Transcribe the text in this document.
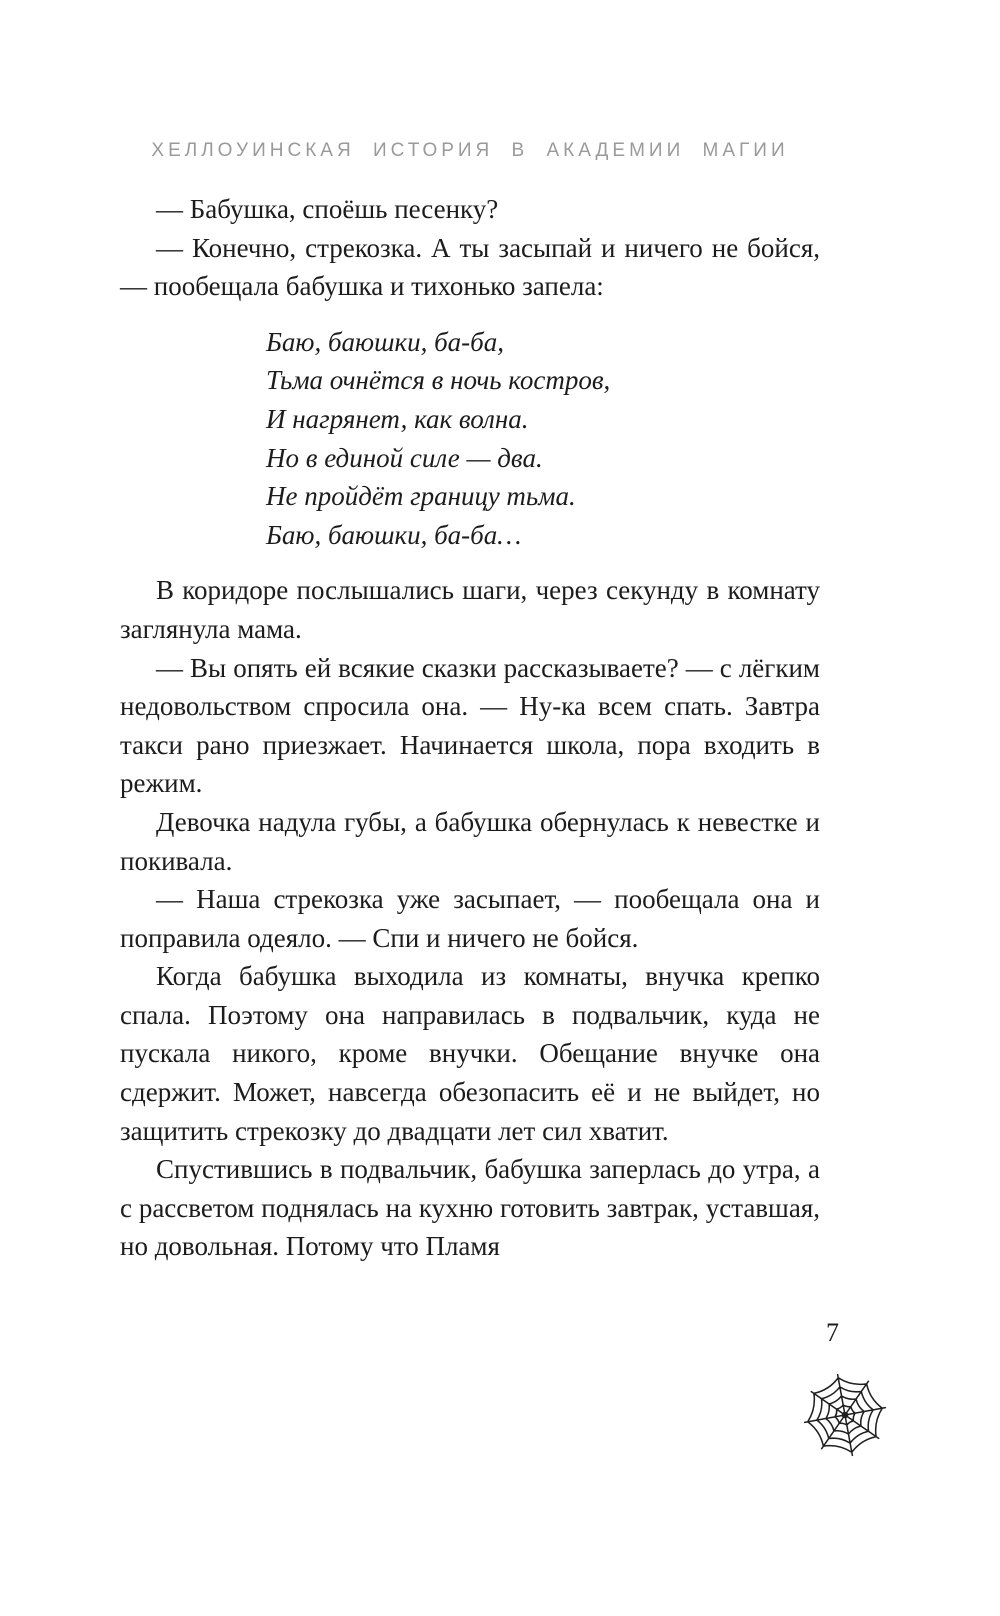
ХЕЛЛОУИНСКАЯ ИСТОРИЯ В АКАДЕМИИ МАГИИ

— Бабушка, споёшь песенку?

— Конечно, стрекозка. А ты засыпай и ничего не бойся, — пообещала бабушка и тихонько запела:

Баю, баюшки, ба-ба,
Тьма очнётся в ночь костров,
И нагрянет, как волна.
Но в единой силе — два.
Не пройдёт границу тьма.
Баю, баюшки, ба-ба…

В коридоре послышались шаги, через секунду в комнату заглянула мама.

— Вы опять ей всякие сказки рассказываете? — с лёгким недовольством спросила она. — Ну-ка всем спать. Завтра такси рано приезжает. Начинается школа, пора входить в режим.

Девочка надула губы, а бабушка обернулась к невестке и покивала.

— Наша стрекозка уже засыпает, — пообещала она и поправила одеяло. — Спи и ничего не бойся.

Когда бабушка выходила из комнаты, внучка крепко спала. Поэтому она направилась в подвальчик, куда не пускала никого, кроме внучки. Обещание внучке она сдержит. Может, навсегда обезопасить её и не выйдет, но защитить стрекозку до двадцати лет сил хватит.

Спустившись в подвальчик, бабушка заперлась до утра, а с рассветом поднялась на кухню готовить завтрак, уставшая, но довольная. Потому что Пламя

7
